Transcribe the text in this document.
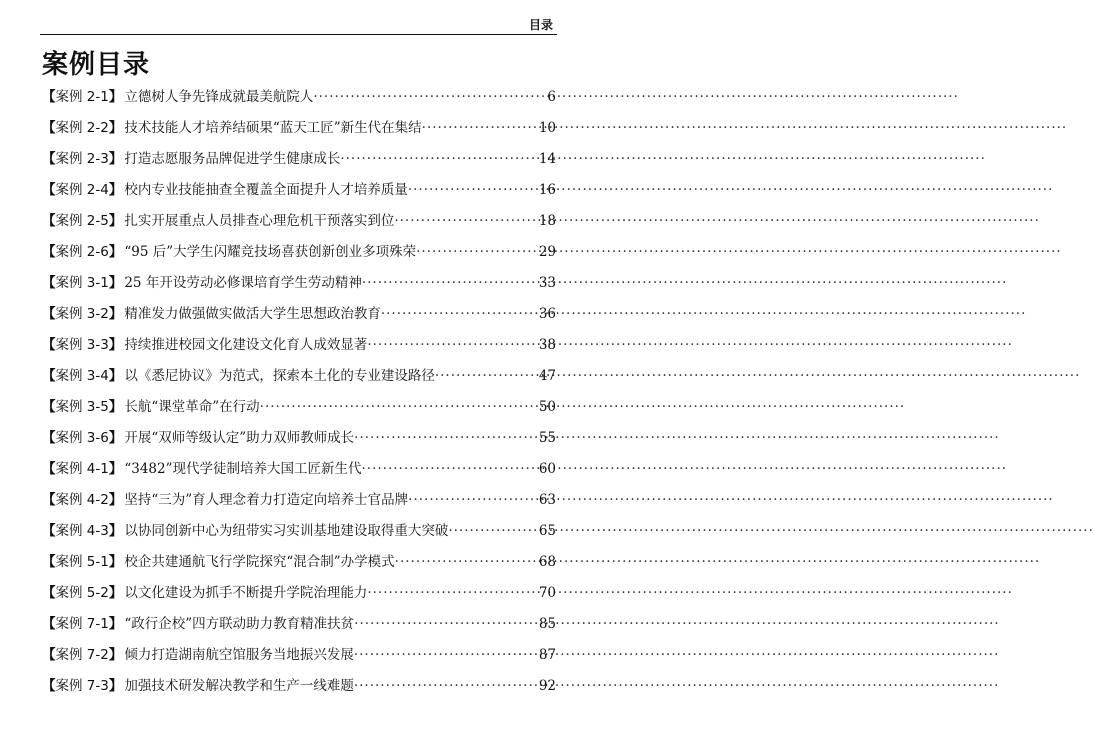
目录
案例目录
【案例 2-1】 立德树人争先锋成就最美航院人 ·····	6
【案例 2-2】 技术技能人才培养结硕果“蓝天工匠”新生代在集结 ·····	10
【案例 2-3】 打造志愿服务品牌促进学生健康成长 ·····	14
【案例 2-4】 校内专业技能抽查全覆盖全面提升人才培养质量 ·····	16
【案例 2-5】 扎实开展重点人员排查心理危机干预落实到位 ·····	18
【案例 2-6】 “95 后”大学生闪耀竞技场喜获创新创业多项殊荣 ·····	29
【案例 3-1】 25 年开设劳动必修课培育学生劳动精神 ·····	33
【案例 3-2】 精准发力做强做实做活大学生思想政治教育 ·····	36
【案例 3-3】 持续推进校园文化建设文化育人成效显著 ·····	38
【案例 3-4】 以《悉尼协议》为范式，探索本土化的专业建设路径 ·····	47
【案例 3-5】 长航“课堂革命”在行动 ·····	50
【案例 3-6】 开展“双师等级认定”助力双师教师成长 ·····	55
【案例 4-1】 “3482”现代学徒制培养大国工匠新生代 ·····	60
【案例 4-2】 坚持“三为”育人理念着力打造定向培养士官品牌 ·····	63
【案例 4-3】 以协同创新中心为纽带实习实训基地建设取得重大突破 ·····	65
【案例 5-1】 校企共建通航飞行学院探究“混合制”办学模式 ·····	68
【案例 5-2】 以文化建设为抓手不断提升学院治理能力 ·····	70
【案例 7-1】 “政行企校”四方联动助力教育精准扶贫 ·····	85
【案例 7-2】 倾力打造湖南航空馆服务当地振兴发展 ·····	87
【案例 7-3】 加强技术研发解决教学和生产一线难题 ·····	92
